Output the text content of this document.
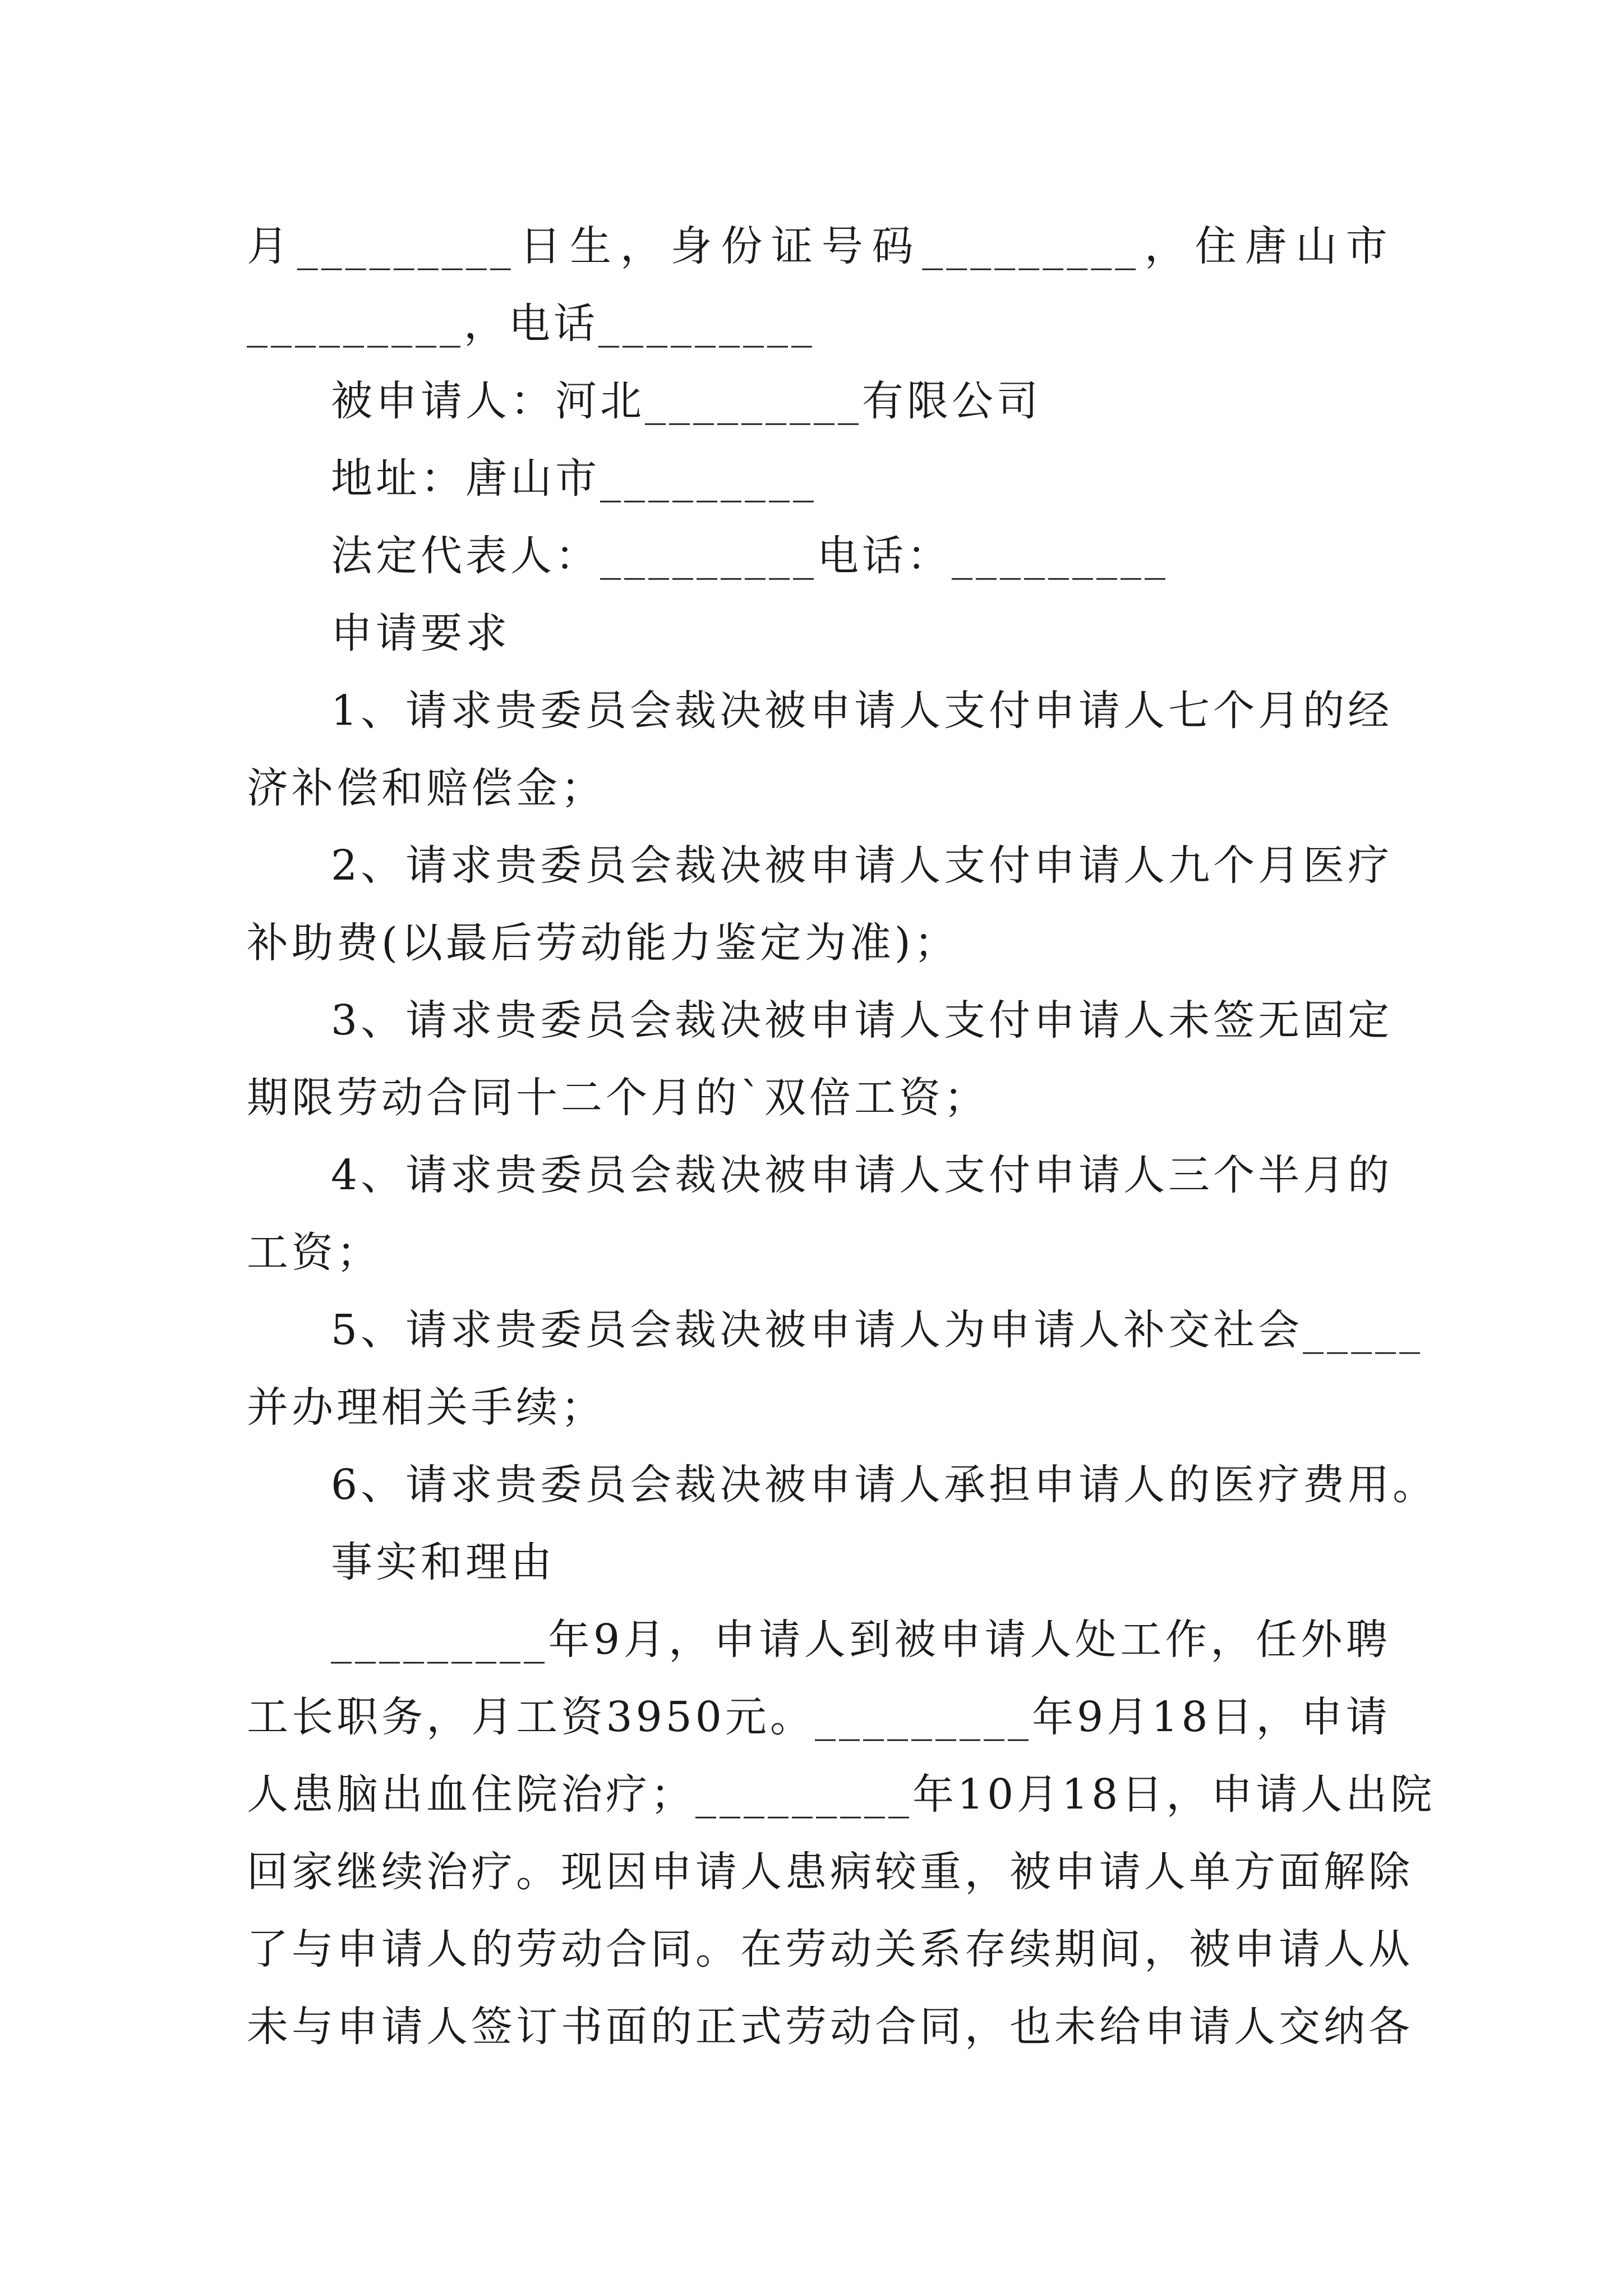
月 _________ 日 生 ， 身 份 证 号 码 _________ ， 住 唐 山 市
_________，电话_________
被申请人：河北_________有限公司
地址：唐山市_________
法定代表人：_________电话：_________
申请要求
1 、 请 求 贵 委 员 会 裁 决 被 申 请 人 支 付 申 请 人 七 个 月 的 经
济补偿和赔偿金；
2 、 请 求 贵 委 员 会 裁 决 被 申 请 人 支 付 申 请 人 九 个 月 医 疗
补助费(以最后劳动能力鉴定为准)；
3 、 请 求 贵 委 员 会 裁 决 被 申 请 人 支 付 申 请 人 未 签 无 固 定
期限劳动合同十二个月的`双倍工资；
4 、 请 求 贵 委 员 会 裁 决 被 申 请 人 支 付 申 请 人 三 个 半 月 的
工资；
5 、 请 求 贵 委 员 会 裁 决 被 申 请 人 为 申 请 人 补 交 社 会 _____
并办理相关手续；
6 、 请 求 贵 委 员 会 裁 决 被 申 请 人 承 担 申 请 人 的 医 疗 费 用 。
事实和理由
_________ 年 9 月 ， 申 请 人 到 被 申 请 人 处 工 作 ， 任 外 聘
工 长 职 务 ， 月 工 资 3950 元 。 _________ 年 9 月 18 日 ， 申 请
人 患 脑 出 血 住 院 治 疗 ； _________ 年 10 月 18 日 ， 申 请 人 出 院
回 家 继 续 治 疗 。 现 因 申 请 人 患 病 较 重 ， 被 申 请 人 单 方 面 解 除
了 与 申 请 人 的 劳 动 合 同 。 在 劳 动 关 系 存 续 期 间 ， 被 申 请 人 从
未 与 申 请 人 签 订 书 面 的 正 式 劳 动 合 同 ， 也 未 给 申 请 人 交 纳 各
